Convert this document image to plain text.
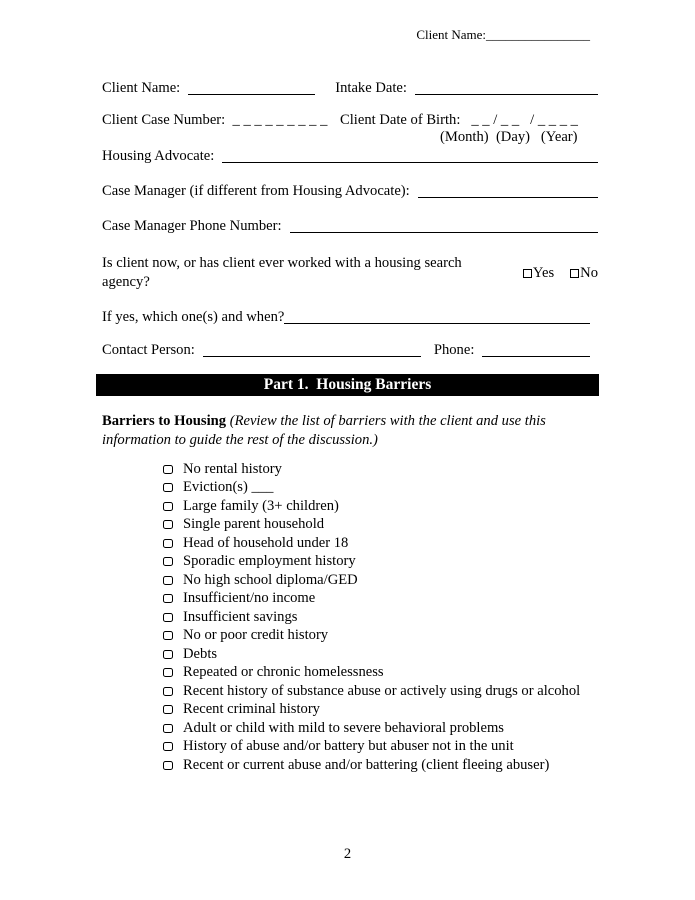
Client Name:________________
Client Name:	Intake Date:
Client Case Number: _ _ _ _ _ _ _ _ _ Client Date of Birth: _ _ / _ _   / _ _ _ _
(Month)  (Day)   (Year)
Housing Advocate:
Case Manager (if different from Housing Advocate):
Case Manager Phone Number:
Is client now, or has client ever worked with a housing search agency?
Yes No
If yes, which one(s) and when?
Contact Person:	Phone:
Part 1.  Housing Barriers
Barriers to Housing (Review the list of barriers with the client and use this information to guide the rest of the discussion.)
No rental history
Eviction(s) ___
Large family (3+ children)
Single parent household
Head of household under 18
Sporadic employment history
No high school diploma/GED
Insufficient/no income
Insufficient savings
No or poor credit history
Debts
Repeated or chronic homelessness
Recent history of substance abuse or actively using drugs or alcohol
Recent criminal history
Adult or child with mild to severe behavioral problems
History of abuse and/or battery but abuser not in the unit
Recent or current abuse and/or battering (client fleeing abuser)
2
